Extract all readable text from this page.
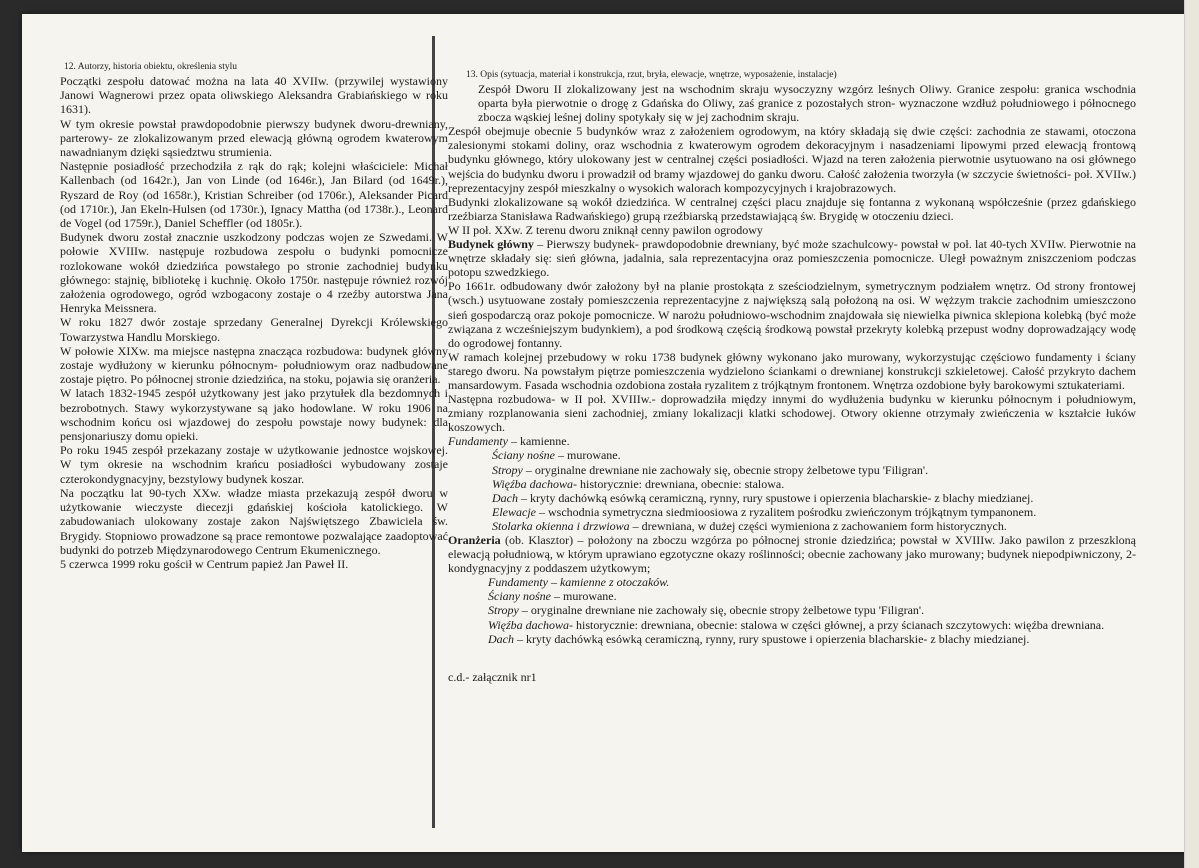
12. Autorzy, historia obiektu, określenia stylu

Początki zespołu datować można na lata 40 XVIIw. (przywilej wystawiony Janowi Wagnerowi przez opata oliwskiego Aleksandra Grabiańskiego w roku 1631).

W tym okresie powstał prawdopodobnie pierwszy budynek dworu-drewniany, parterowy- ze zlokalizowanym przed elewacją główną ogrodem kwaterowym nawadnianym dzięki sąsiedztwu strumienia.

Następnie posiadłość przechodziła z rąk do rąk; kolejni właściciele: Michał Kallenbach (od 1642r.), Jan von Linde (od 1646r.), Jan Bilard (od 1649r.), Ryszard de Roy (od 1658r.), Kristian Schreiber (od 1706r.), Aleksander Picard (od 1710r.), Jan Ekeln-Hulsen (od 1730r.), Ignacy Mattha (od 1738r.)., Leonard de Vogel (od 1759r.), Daniel Scheffler (od 1805r.).

Budynek dworu został znacznie uszkodzony podczas wojen ze Szwedami. W połowie XVIIIw. następuje rozbudowa zespołu o budynki pomocnicze rozlokowane wokół dziedzińca powstałego po stronie zachodniej budynku głównego: stajnię, bibliotekę i kuchnię. Około 1750r. następuje również rozwój założenia ogrodowego, ogród wzbogacony zostaje o 4 rzeźby autorstwa Jana Henryka Meissnera.

W roku 1827 dwór zostaje sprzedany Generalnej Dyrekcji Królewskiego Towarzystwa Handlu Morskiego.

W połowie XIXw. ma miejsce następna znacząca rozbudowa: budynek główny zostaje wydłużony w kierunku północnym- południowym oraz nadbudowane zostaje piętro. Po północnej stronie dziedzińca, na stoku, pojawia się oranżeria.

W latach 1832-1945 zespół użytkowany jest jako przytułek dla bezdomnych i bezrobotnych. Stawy wykorzystywane są jako hodowlane. W roku 1906 na wschodnim końcu osi wjazdowej do zespołu powstaje nowy budynek: dla pensjonariuszy domu opieki.

Po roku 1945 zespół przekazany zostaje w użytkowanie jednostce wojskowej. W tym okresie na wschodnim krańcu posiadłości wybudowany zostaje czterokondygnacyjny, bezstylowy budynek koszar.

Na początku lat 90-tych XXw. władze miasta przekazują zespół dworu w użytkowanie wieczyste diecezji gdańskiej kościoła katolickiego. W zabudowaniach ulokowany zostaje zakon Najświętszego Zbawiciela św. Brygidy. Stopniowo prowadzone są prace remontowe pozwalające zaadoptować budynki do potrzeb Międzynarodowego Centrum Ekumenicznego.

5 czerwca 1999 roku gościł w Centrum papież Jan Paweł II.

13. Opis (sytuacja, materiał i konstrukcja, rzut, bryła, elewacje, wnętrze, wyposażenie, instalacje)

Zespół Dworu II zlokalizowany jest na wschodnim skraju wysoczyzny wzgórz leśnych Oliwy. Granice zespołu: granica wschodnia oparta była pierwotnie o drogę z Gdańska do Oliwy, zaś granice z pozostałych stron- wyznaczone wzdłuż południowego i północnego zbocza wąskiej leśnej doliny spotykały się w jej zachodnim skraju.

Zespół obejmuje obecnie 5 budynków wraz z założeniem ogrodowym, na który składają się dwie części: zachodnia ze stawami, otoczona zalesionymi stokami doliny, oraz wschodnia z kwaterowym ogrodem dekoracyjnym i nasadzeniami lipowymi przed elewacją frontową budynku głównego, który ulokowany jest w centralnej części posiadłości. Wjazd na teren założenia pierwotnie usytuowano na osi głównego wejścia do budynku dworu i prowadził od bramy wjazdowej do ganku dworu. Całość założenia tworzyła (w szczycie świetności- poł. XVIIw.) reprezentacyjny zespół mieszkalny o wysokich walorach kompozycyjnych i krajobrazowych.

Budynki zlokalizowane są wokół dziedzińca. W centralnej części placu znajduje się fontanna z wykonaną współcześnie (przez gdańskiego rzeźbiarza Stanisława Radwańskiego) grupą rzeźbiarską przedstawiającą św. Brygidę w otoczeniu dzieci.

W II poł. XXw. Z terenu dworu zniknął cenny pawilon ogrodowy

Budynek główny – Pierwszy budynek- prawdopodobnie drewniany, być może szachulcowy- powstał w poł. lat 40-tych XVIIw. Pierwotnie na wnętrze składały się: sień główna, jadalnia, sala reprezentacyjna oraz pomieszczenia pomocnicze. Uległ poważnym zniszczeniom podczas potopu szwedzkiego.

Po 1661r. odbudowany dwór założony był na planie prostokąta z sześciodzielnym, symetrycznym podziałem wnętrz. Od strony frontowej (wsch.) usytuowane zostały pomieszczenia reprezentacyjne z największą salą położoną na osi. W wężzym trakcie zachodnim umieszczono sień gospodarczą oraz pokoje pomocnicze. W narożu południowo-wschodnim znajdowała się niewielka piwnica sklepiona kolebką (być może związana z wcześniejszym budynkiem), a pod środkową częścią środkową powstał przekryty kolebką przepust wodny doprowadzający wodę do ogrodowej fontanny.

W ramach kolejnej przebudowy w roku 1738 budynek główny wykonano jako murowany, wykorzystując częściowo fundamenty i ściany starego dworu. Na powstałym piętrze pomieszczenia wydzielono ściankami o drewnianej konstrukcji szkieletowej. Całość przykryto dachem mansardowym. Fasada wschodnia ozdobiona została ryzalitem z trójkątnym frontonem. Wnętrza ozdobione były barokowymi sztukateriami.

Następna rozbudowa- w II poł. XVIIIw.- doprowadziła między innymi do wydłużenia budynku w kierunku północnym i południowym, zmiany rozplanowania sieni zachodniej, zmiany lokalizacji klatki schodowej. Otwory okienne otrzymały zwieńczenia w kształcie łuków koszowych.

Fundamenty – kamienne.

Ściany nośne – murowane.

Stropy – oryginalne drewniane nie zachowały się, obecnie stropy żelbetowe typu 'Filigran'.

Więźba dachowa- historycznie: drewniana, obecnie: stalowa.

Dach – kryty dachówką esówką ceramiczną, rynny, rury spustowe i opierzenia blacharskie- z blachy miedzianej.

Elewacje – wschodnia symetryczna siedmioosiowa z ryzalitem pośrodku zwieńczonym trójkątnym tympanonem.

Stolarka okienna i drzwiowa – drewniana, w dużej części wymieniona z zachowaniem form historycznych.

Oranżeria (ob. Klasztor) – położony na zboczu wzgórza po północnej stronie dziedzińca; powstał w XVIIIw. Jako pawilon z przeszkloną elewacją południową, w którym uprawiano egzotyczne okazy roślinności; obecnie zachowany jako murowany; budynek niepodpiwniczony, 2-kondygnacyjny z poddaszem użytkowym;

Fundamenty – kamienne z otoczaków.

Ściany nośne – murowane.

Stropy – oryginalne drewniane nie zachowały się, obecnie stropy żelbetowe typu 'Filigran'.

Więźba dachowa- historycznie: drewniana, obecnie: stalowa w części głównej, a przy ścianach szczytowych: więźba drewniana.

Dach – kryty dachówką esówką ceramiczną, rynny, rury spustowe i opierzenia blacharskie- z blachy miedzianej.

c.d.- załącznik nr1
